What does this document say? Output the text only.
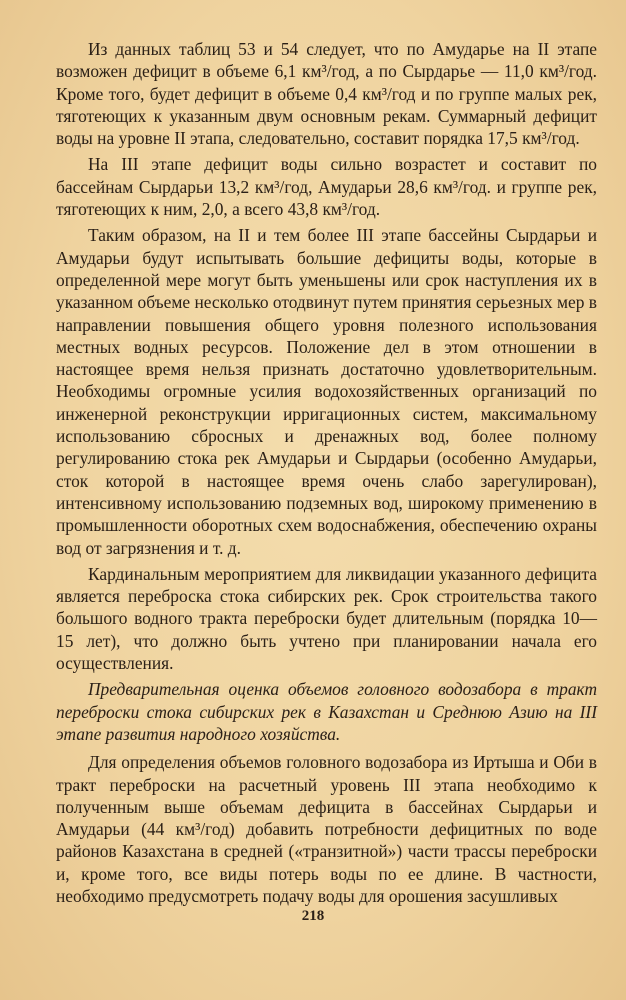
Из данных таблиц 53 и 54 следует, что по Амударье на II этапе возможен дефицит в объеме 6,1 км³/год, а по Сырдарье — 11,0 км³/год. Кроме того, будет дефицит в объеме 0,4 км³/год и по группе малых рек, тяготеющих к указанным двум основным рекам. Суммарный дефицит воды на уровне II этапа, следовательно, составит порядка 17,5 км³/год.

На III этапе дефицит воды сильно возрастет и составит по бассейнам Сырдарьи 13,2 км³/год, Амударьи 28,6 км³/год. и группе рек, тяготеющих к ним, 2,0, а всего 43,8 км³/год.

Таким образом, на II и тем более III этапе бассейны Сырдарьи и Амударьи будут испытывать большие дефициты воды, которые в определенной мере могут быть уменьшены или срок наступления их в указанном объеме несколько отодвинут путем принятия серьезных мер в направлении повышения общего уровня полезного использования местных водных ресурсов. Положение дел в этом отношении в настоящее время нельзя признать достаточно удовлетворительным. Необходимы огромные усилия водохозяйственных организаций по инженерной реконструкции ирригационных систем, максимальному использованию сбросных и дренажных вод, более полному регулированию стока рек Амударьи и Сырдарьи (особенно Амударьи, сток которой в настоящее время очень слабо зарегулирован), интенсивному использованию подземных вод, широкому применению в промышленности оборотных схем водоснабжения, обеспечению охраны вод от загрязнения и т. д.

Кардинальным мероприятием для ликвидации указанного дефицита является переброска стока сибирских рек. Срок строительства такого большого водного тракта переброски будет длительным (порядка 10—15 лет), что должно быть учтено при планировании начала его осуществления.

Предварительная оценка объемов головного водозабора в тракт переброски стока сибирских рек в Казахстан и Среднюю Азию на III этапе развития народного хозяйства.

Для определения объемов головного водозабора из Иртыша и Оби в тракт переброски на расчетный уровень III этапа необходимо к полученным выше объемам дефицита в бассейнах Сырдарьи и Амударьи (44 км³/год) добавить потребности дефицитных по воде районов Казахстана в средней («транзитной») части трассы переброски и, кроме того, все виды потерь воды по ее длине. В частности, необходимо предусмотреть подачу воды для орошения засушливых

218
